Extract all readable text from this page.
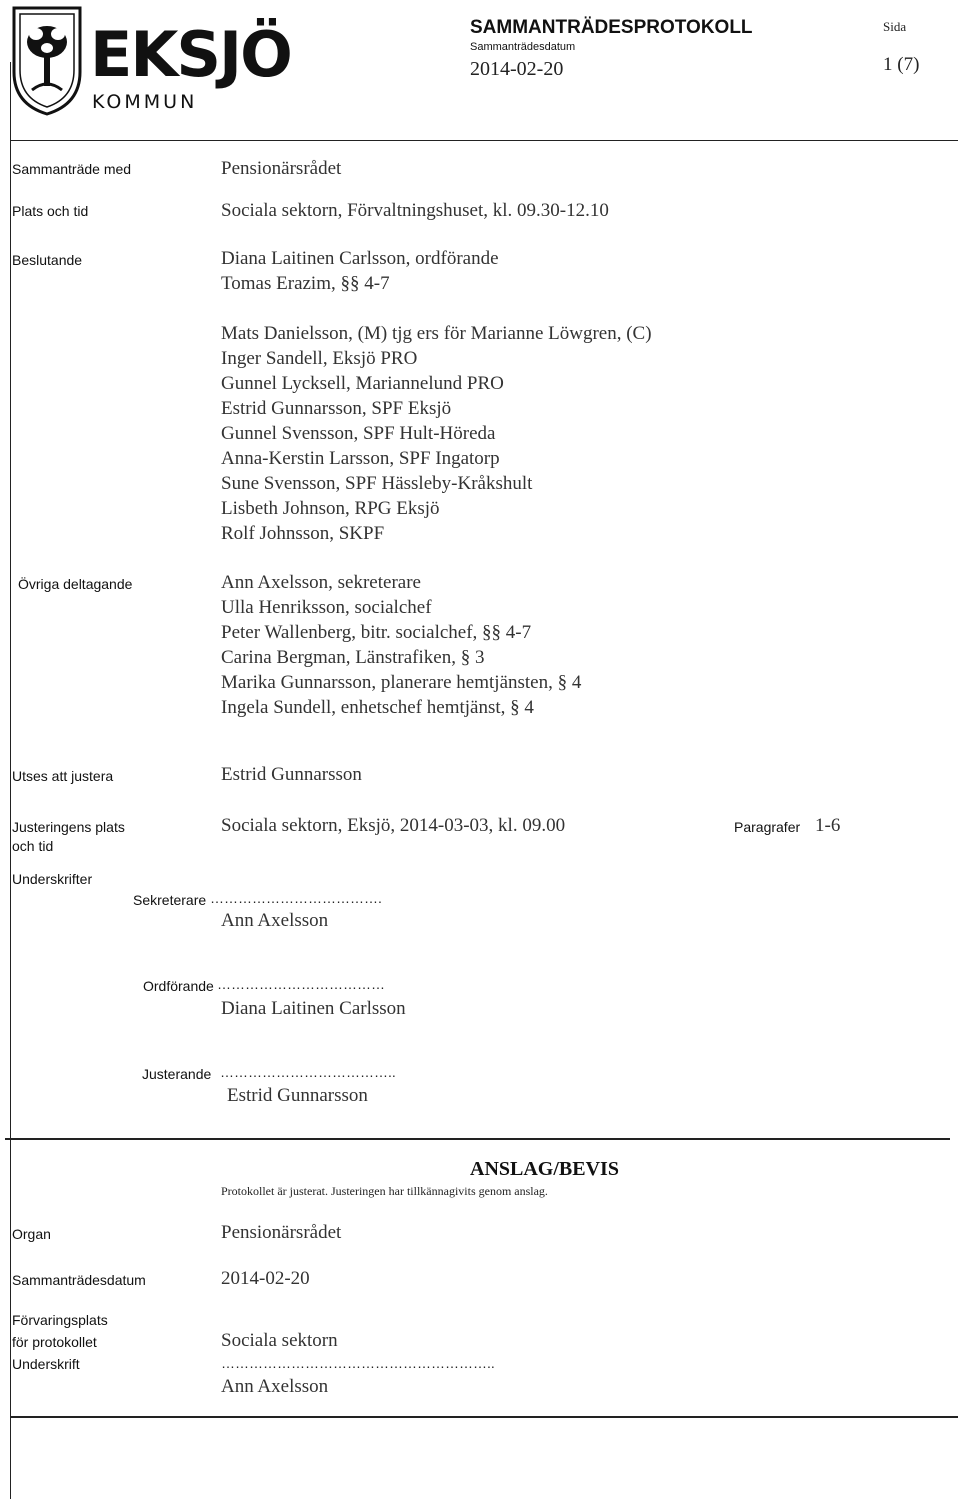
EKSJÖ
KOMMUN
SAMMANTRÄDESPROTOKOLL
Sammanträdesdatum
2014-02-20
Sida
1 (7)
Sammanträde med	Pensionärsrådet
Plats och tid	Sociala sektorn, Förvaltningshuset, kl. 09.30-12.10
Beslutande	Diana Laitinen Carlsson, ordförande
Tomas Erazim, §§ 4-7
Mats Danielsson, (M) tjg ers för Marianne Löwgren, (C)
Inger Sandell, Eksjö PRO
Gunnel Lycksell, Mariannelund PRO
Estrid Gunnarsson, SPF Eksjö
Gunnel Svensson, SPF Hult-Höreda
Anna-Kerstin Larsson, SPF Ingatorp
Sune Svensson, SPF Hässleby-Kråkshult
Lisbeth Johnson, RPG Eksjö
Rolf Johnsson, SKPF
Övriga deltagande	Ann Axelsson, sekreterare
Ulla Henriksson, socialchef
Peter Wallenberg, bitr. socialchef, §§ 4-7
Carina Bergman, Länstrafiken, § 3
Marika Gunnarsson, planerare hemtjänsten, § 4
Ingela Sundell, enhetschef hemtjänst, § 4
Utses att justera	Estrid Gunnarsson
Justeringens plats
och tid
Sociala sektorn, Eksjö, 2014-03-03, kl. 09.00	Paragrafer 1-6
Underskrifter
Sekreterare ……………………………….
Ann Axelsson
Ordförande ………………………………
Diana Laitinen Carlsson
Justerande ………………………………..
Estrid Gunnarsson
ANSLAG/BEVIS
Protokollet är justerat. Justeringen har tillkännagivits genom anslag.
Organ	Pensionärsrådet
Sammanträdesdatum	2014-02-20
Förvaringsplats
för protokollet	Sociala sektorn
Underskrift	…………………………………………………..
Ann Axelsson
